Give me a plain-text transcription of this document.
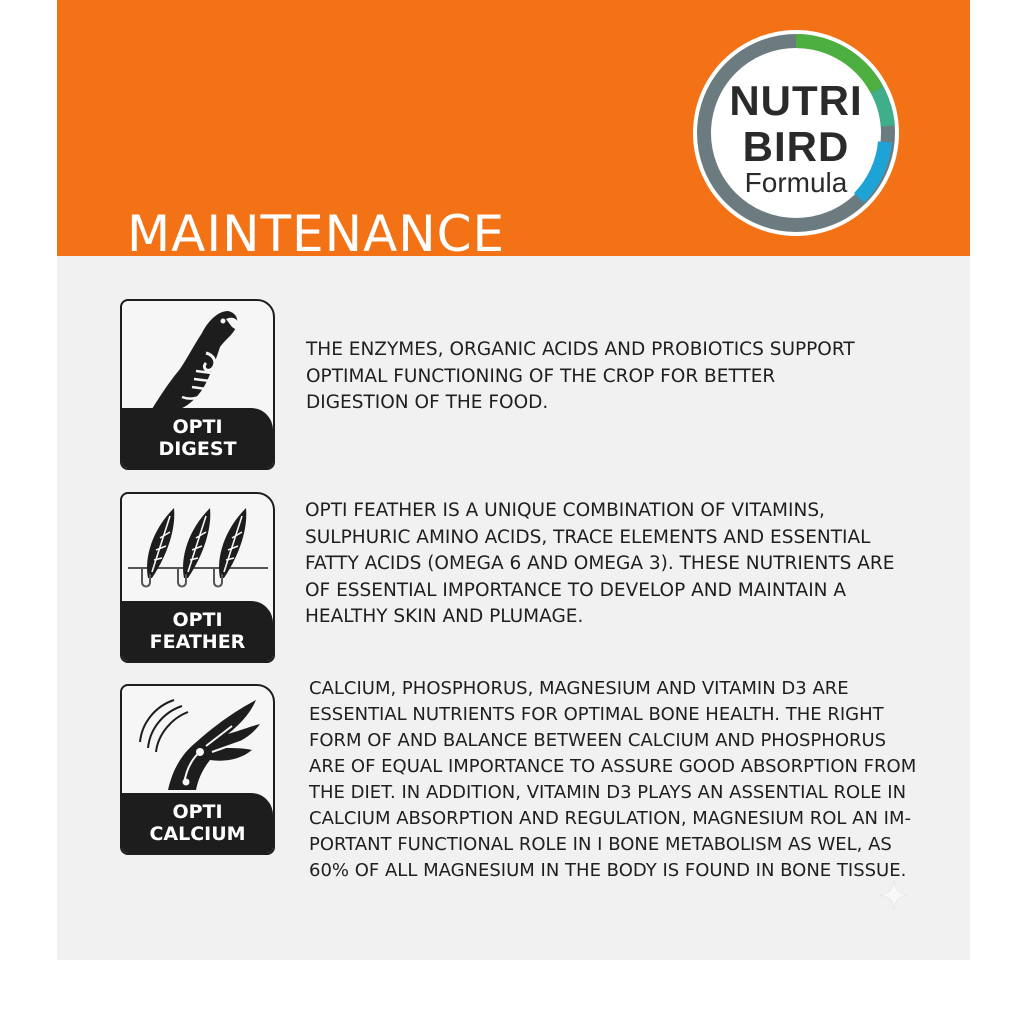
MAINTENANCE
NUTRI
BIRD
Formula
OPTI
DIGEST

THE ENZYMES, ORGANIC ACIDS AND PROBIOTICS SUPPORT
OPTIMAL FUNCTIONING OF THE CROP FOR BETTER
DIGESTION OF THE FOOD.

OPTI
FEATHER

OPTI FEATHER IS A UNIQUE COMBINATION OF VITAMINS,
SULPHURIC AMINO ACIDS, TRACE ELEMENTS AND ESSENTIAL
FATTY ACIDS (OMEGA 6 AND OMEGA 3). THESE NUTRIENTS ARE
OF ESSENTIAL IMPORTANCE TO DEVELOP AND MAINTAIN A
HEALTHY SKIN AND PLUMAGE.

OPTI
CALCIUM

CALCIUM, PHOSPHORUS, MAGNESIUM AND VITAMIN D3 ARE
ESSENTIAL NUTRIENTS FOR OPTIMAL BONE HEALTH. THE RIGHT
FORM OF AND BALANCE BETWEEN CALCIUM AND PHOSPHORUS
ARE OF EQUAL IMPORTANCE TO ASSURE GOOD ABSORPTION FROM
THE DIET. IN ADDITION, VITAMIN D3 PLAYS AN ASSENTIAL ROLE IN
CALCIUM ABSORPTION AND REGULATION, MAGNESIUM ROL AN IM-
PORTANT FUNCTIONAL ROLE IN I BONE METABOLISM AS WEL, AS
60% OF ALL MAGNESIUM IN THE BODY IS FOUND IN BONE TISSUE.
